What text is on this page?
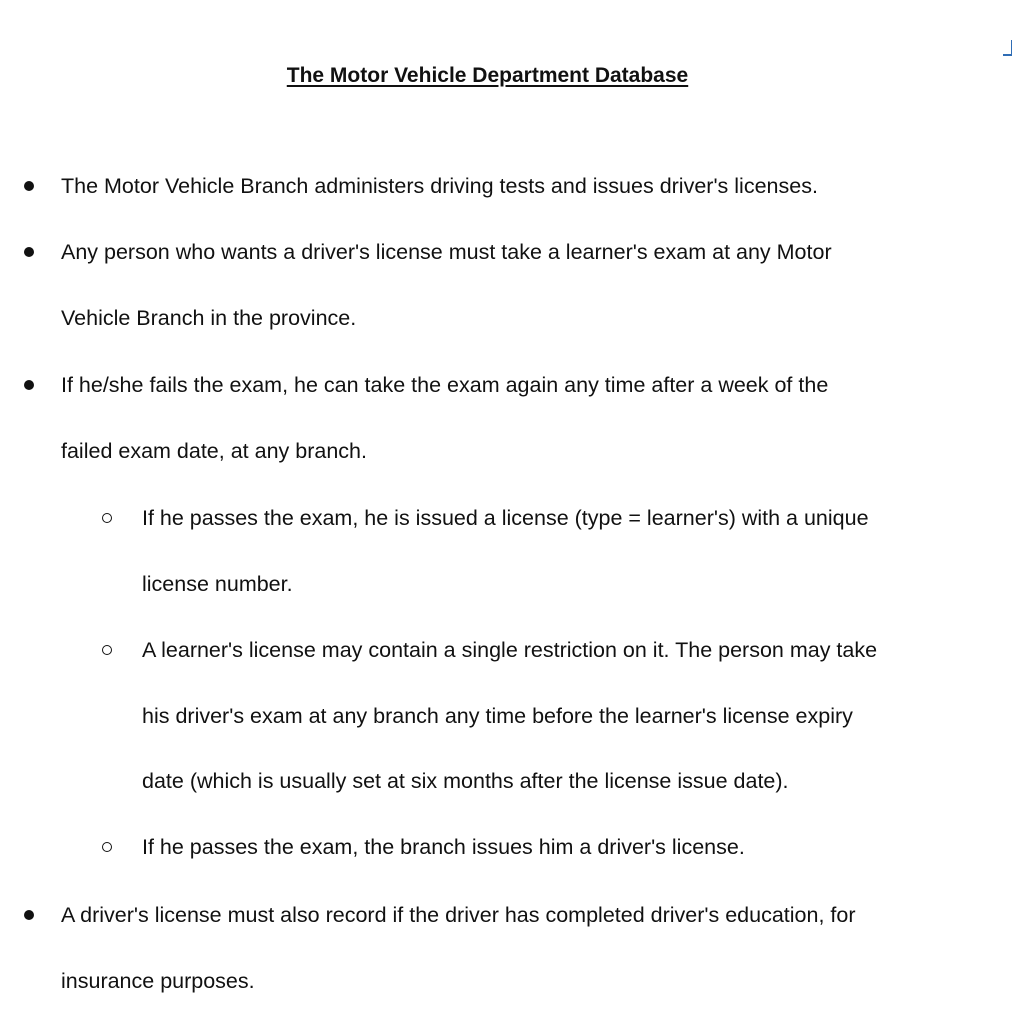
The Motor Vehicle Department Database
The Motor Vehicle Branch administers driving tests and issues driver's licenses.
Any person who wants a driver's license must take a learner's exam at any Motor
Vehicle Branch in the province.
If he/she fails the exam, he can take the exam again any time after a week of the
failed exam date, at any branch.
If he passes the exam, he is issued a license (type = learner's) with a unique
license number.
A learner's license may contain a single restriction on it. The person may take
his driver's exam at any branch any time before the learner's license expiry
date (which is usually set at six months after the license issue date).
If he passes the exam, the branch issues him a driver's license.
A driver's license must also record if the driver has completed driver's education, for
insurance purposes.
